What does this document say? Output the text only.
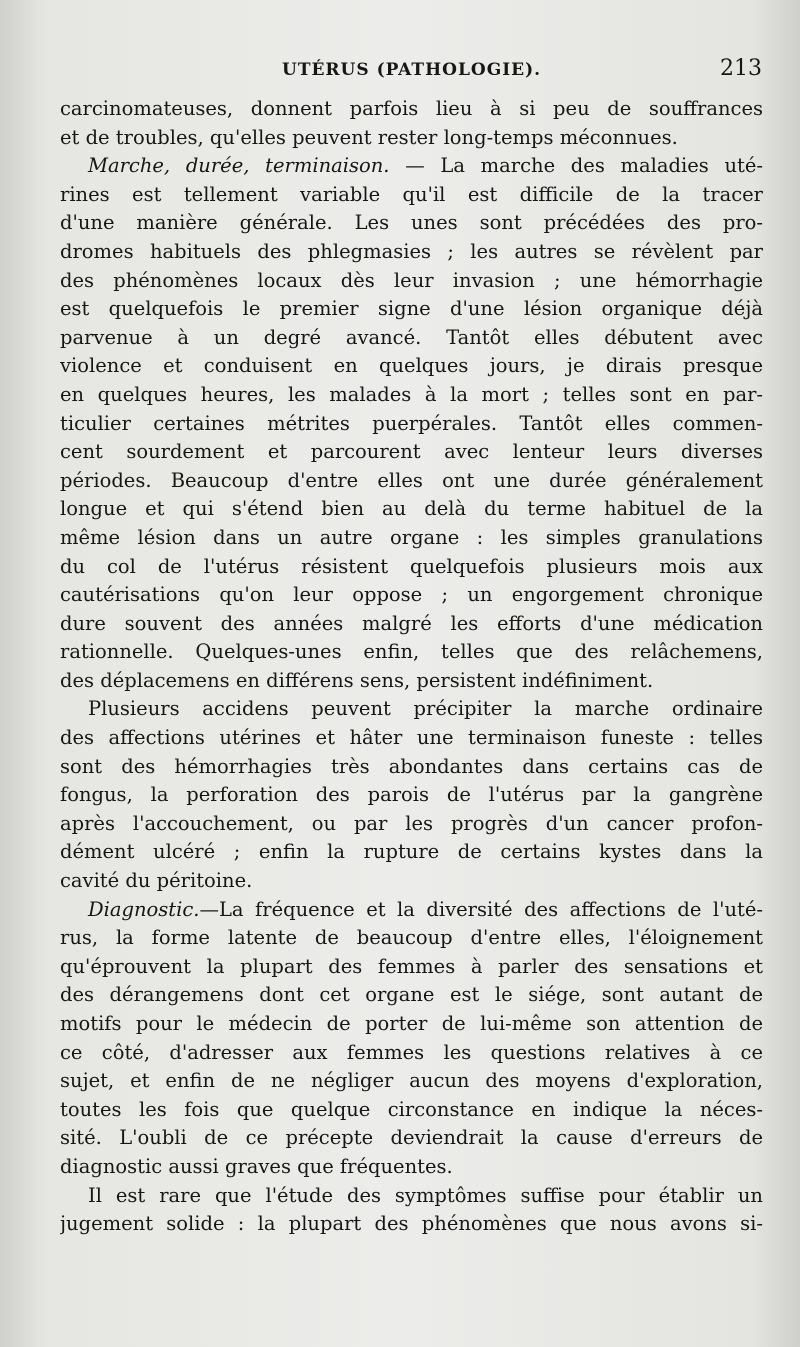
UTÉRUS (PATHOLOGIE).	213
carcinomateuses, donnent parfois lieu à si peu de souffrances
et de troubles, qu'elles peuvent rester long-temps méconnues.
Marche, durée, terminaison. — La marche des maladies uté-
rines est tellement variable qu'il est difficile de la tracer
d'une manière générale. Les unes sont précédées des pro-
dromes habituels des phlegmasies ; les autres se révèlent par
des phénomènes locaux dès leur invasion ; une hémorrhagie
est quelquefois le premier signe d'une lésion organique déjà
parvenue à un degré avancé. Tantôt elles débutent avec
violence et conduisent en quelques jours, je dirais presque
en quelques heures, les malades à la mort ; telles sont en par-
ticulier certaines métrites puerpérales. Tantôt elles commen-
cent sourdement et parcourent avec lenteur leurs diverses
périodes. Beaucoup d'entre elles ont une durée généralement
longue et qui s'étend bien au delà du terme habituel de la
même lésion dans un autre organe : les simples granulations
du col de l'utérus résistent quelquefois plusieurs mois aux
cautérisations qu'on leur oppose ; un engorgement chronique
dure souvent des années malgré les efforts d'une médication
rationnelle. Quelques-unes enfin, telles que des relâchemens,
des déplacemens en différens sens, persistent indéfiniment.
Plusieurs accidens peuvent précipiter la marche ordinaire
des affections utérines et hâter une terminaison funeste : telles
sont des hémorrhagies très abondantes dans certains cas de
fongus, la perforation des parois de l'utérus par la gangrène
après l'accouchement, ou par les progrès d'un cancer profon-
dément ulcéré ; enfin la rupture de certains kystes dans la
cavité du péritoine.
Diagnostic.—La fréquence et la diversité des affections de l'uté-
rus, la forme latente de beaucoup d'entre elles, l'éloignement
qu'éprouvent la plupart des femmes à parler des sensations et
des dérangemens dont cet organe est le siége, sont autant de
motifs pour le médecin de porter de lui-même son attention de
ce côté, d'adresser aux femmes les questions relatives à ce
sujet, et enfin de ne négliger aucun des moyens d'exploration,
toutes les fois que quelque circonstance en indique la néces-
sité. L'oubli de ce précepte deviendrait la cause d'erreurs de
diagnostic aussi graves que fréquentes.
Il est rare que l'étude des symptômes suffise pour établir un
jugement solide : la plupart des phénomènes que nous avons si-
